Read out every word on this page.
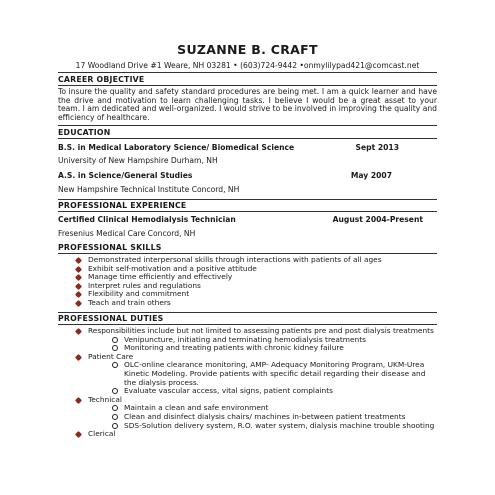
SUZANNE B. CRAFT
17 Woodland Drive #1 Weare, NH 03281 • (603)724-9442 •onmylilypad421@comcast.net
CAREER OBJECTIVE
To insure the quality and safety standard procedures are being met. I am a quick learner and have the drive and motivation to learn challenging tasks. I believe I would be a great asset to your team. I am dedicated and well-organized. I would strive to be involved in improving the quality and efficiency of healthcare.
EDUCATION
B.S. in Medical Laboratory Science/ Biomedical Science	Sept 2013
University of New Hampshire Durham, NH
A.S. in Science/General Studies	May 2007
New Hampshire Technical Institute Concord, NH
PROFESSIONAL EXPERIENCE
Certified Clinical Hemodialysis Technician	August 2004-Present
Fresenius Medical Care Concord, NH
PROFESSIONAL SKILLS
Demonstrated interpersonal skills through interactions with patients of all ages
Exhibit self-motivation and a positive attitude
Manage time efficiently and effectively
Interpret rules and regulations
Flexibility and commitment
Teach and train others
PROFESSIONAL DUTIES
Responsibilities include but not limited to assessing patients pre and post dialysis treatments
Venipuncture, initiating and terminating hemodialysis treatments
Monitoring and treating patients with chronic kidney failure
Patient Care
OLC-online clearance monitoring, AMP- Adequacy Monitoring Program, UKM-Urea Kinetic Modeling. Provide patients with specific detail regarding their disease and the dialysis process.
Evaluate vascular access, vital signs, patient complaints
Technical
Maintain a clean and safe environment
Clean and disinfect dialysis chairs/ machines in-between patient treatments
SDS-Solution delivery system, R.O. water system, dialysis machine trouble shooting
Clerical
